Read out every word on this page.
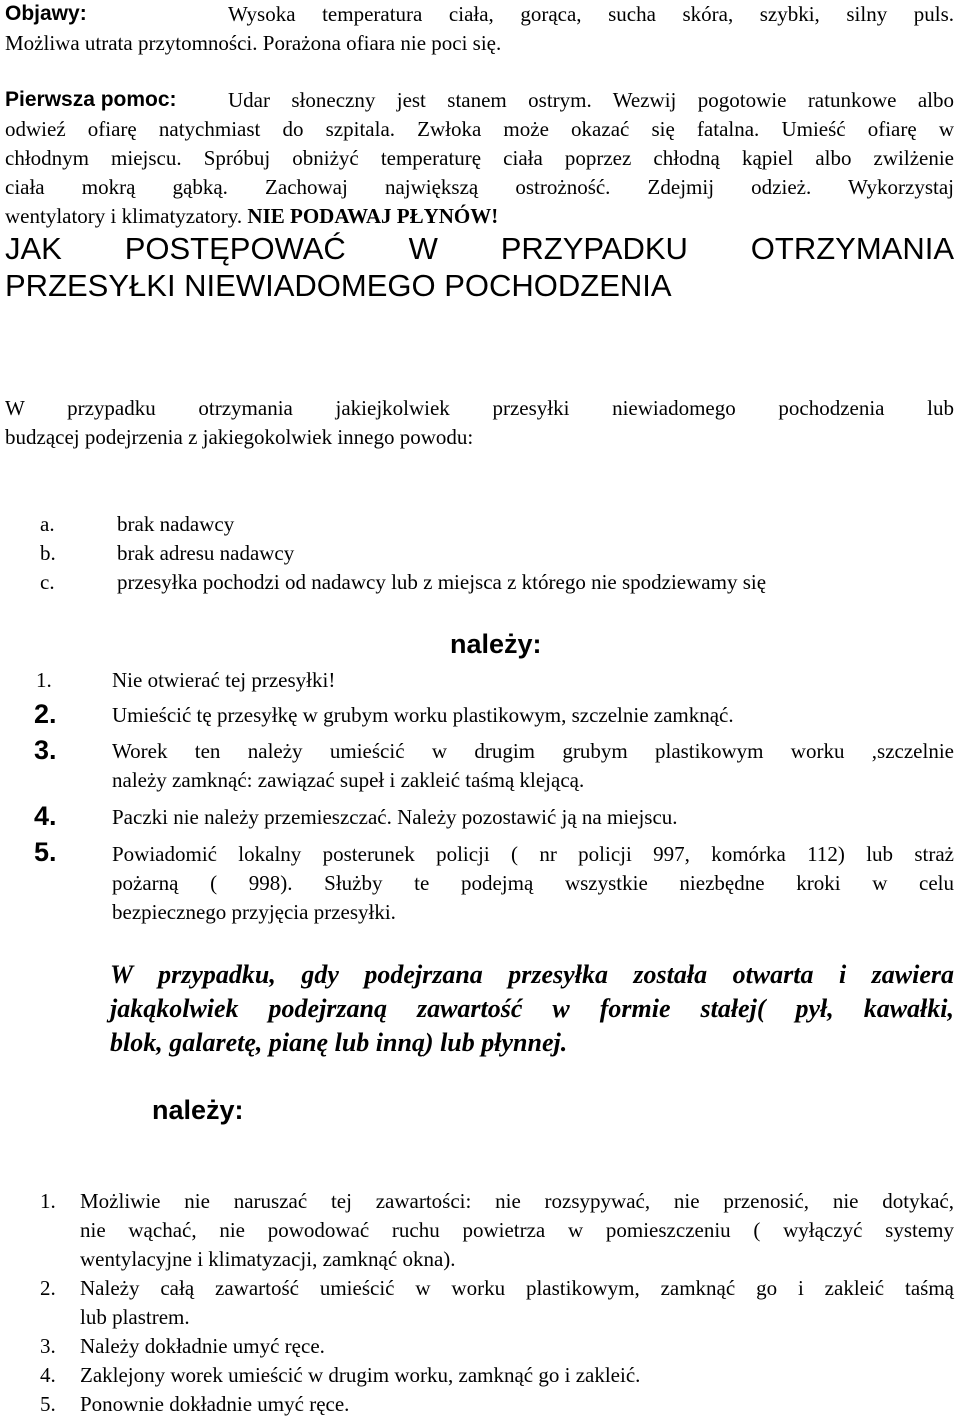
Objawy:	Wysoka temperatura ciała, gorąca, sucha skóra, szybki, silny puls.
Możliwa utrata przytomności. Porażona ofiara nie poci się.
Pierwsza pomoc: Udar słoneczny jest stanem ostrym. Wezwij pogotowie ratunkowe albo
odwieź ofiarę natychmiast do szpitala. Zwłoka może okazać się fatalna. Umieść ofiarę w
chłodnym miejscu. Spróbuj obniżyć temperaturę ciała poprzez chłodną kąpiel albo zwilżenie
ciała mokrą gąbką. Zachowaj największą ostrożność. Zdejmij odzież. Wykorzystaj
wentylatory i klimatyzatory. NIE PODAWAJ PŁYNÓW!
JAK POSTĘPOWAĆ W PRZYPADKU OTRZYMANIA
PRZESYŁKI NIEWIADOMEGO POCHODZENIA
W przypadku otrzymania jakiejkolwiek przesyłki niewiadomego pochodzenia lub
budzącej podejrzenia z jakiegokolwiek innego powodu:
a.	brak nadawcy
b.	brak adresu nadawcy
c.	przesyłka pochodzi od nadawcy lub z miejsca z którego nie spodziewamy się
należy:
1.	Nie otwierać tej przesyłki!
2.	Umieścić tę przesyłkę w grubym worku plastikowym, szczelnie zamknąć.
3.	Worek ten należy umieścić w drugim grubym plastikowym worku ,szczelnie
należy zamknąć: zawiązać supeł i zakleić taśmą klejącą.
4.	Paczki nie należy przemieszczać. Należy pozostawić ją na miejscu.
5.	Powiadomić lokalny posterunek policji ( nr policji 997, komórka 112) lub straż
pożarną ( 998). Służby te podejmą wszystkie niezbędne kroki w celu
bezpiecznego przyjęcia przesyłki.
W przypadku, gdy podejrzana przesyłka została otwarta i zawiera
jakąkolwiek podejrzaną zawartość w formie stałej( pył, kawałki,
blok, galaretę, pianę lub inną) lub płynnej.
należy:
1. Możliwie nie naruszać tej zawartości: nie rozsypywać, nie przenosić, nie dotykać,
nie wąchać, nie powodować ruchu powietrza w pomieszczeniu ( wyłączyć systemy
wentylacyjne i klimatyzacji, zamknąć okna).
2. Należy całą zawartość umieścić w worku plastikowym, zamknąć go i zakleić taśmą
lub plastrem.
3. Należy dokładnie umyć ręce.
4. Zaklejony worek umieścić w drugim worku, zamknąć go i zakleić.
5. Ponownie dokładnie umyć ręce.
